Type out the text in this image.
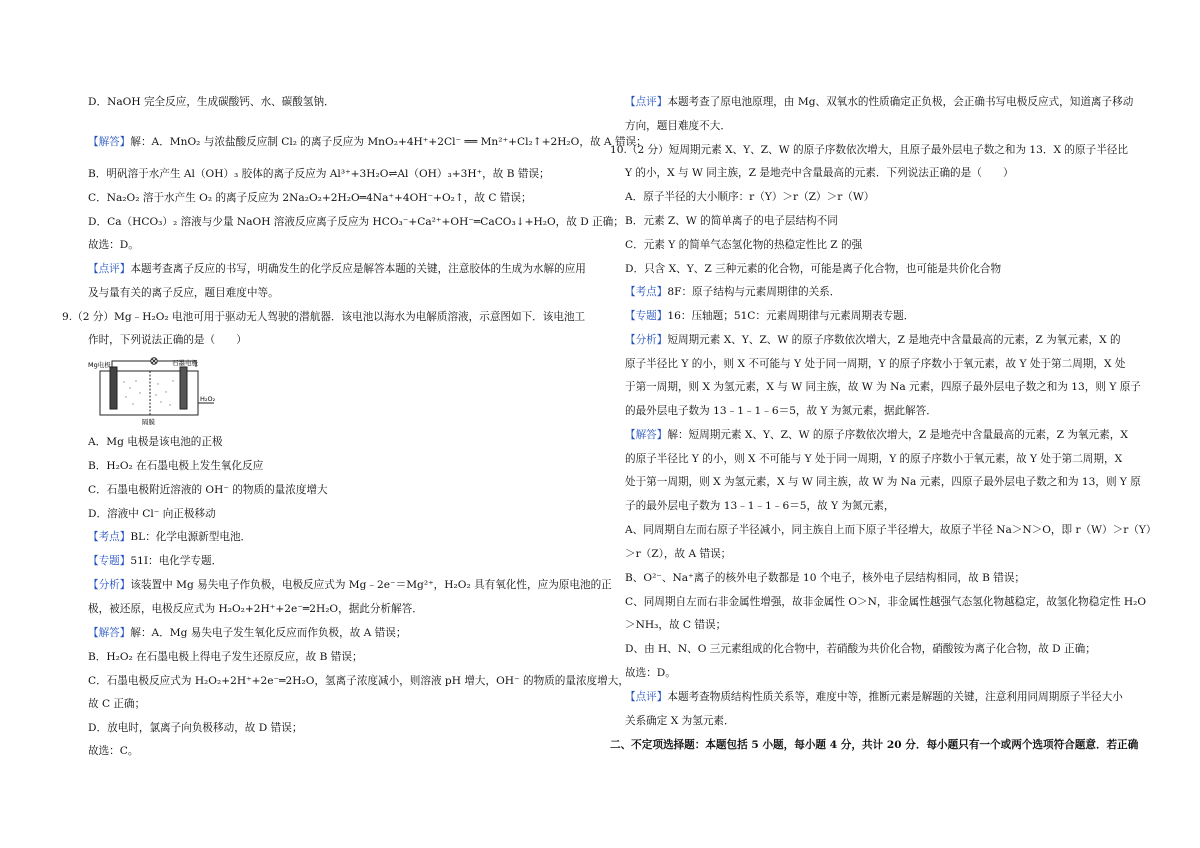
D．NaOH 完全反应，生成碳酸钙、水、碳酸氢钠．
【解答】解：A．MnO₂ 与浓盐酸反应制 Cl₂ 的离子反应为 MnO₂+4H⁺+2Cl⁻ ══ Mn²⁺+Cl₂↑+2H₂O，故 A 错误；
B．明矾溶于水产生 Al（OH）₃ 胶体的离子反应为 Al³⁺+3H₂O⇌Al（OH）₃+3H⁺，故 B 错误；
C．Na₂O₂ 溶于水产生 O₂ 的离子反应为 2Na₂O₂+2H₂O═4Na⁺+4OH⁻+O₂↑，故 C 错误；
D．Ca（HCO₃）₂ 溶液与少量 NaOH 溶液反应离子反应为 HCO₃⁻+Ca²⁺+OH⁻═CaCO₃↓+H₂O，故 D 正确；
故选：D。
【点评】本题考查离子反应的书写，明确发生的化学反应是解答本题的关键，注意胶体的生成为水解的应用
及与量有关的离子反应，题目难度中等。
9.（2 分）Mg﹣H₂O₂ 电池可用于驱动无人驾驶的潜航器．该电池以海水为电解质溶液，示意图如下．该电池工
作时，下列说法正确的是（　　）
Mg电极	石墨电极
H₂O₂
隔膜
A．Mg 电极是该电池的正极
B．H₂O₂ 在石墨电极上发生氧化反应
C．石墨电极附近溶液的 OH⁻ 的物质的量浓度增大
D．溶液中 Cl⁻ 向正极移动
【考点】BL：化学电源新型电池．
【专题】51I：电化学专题．
【分析】该装置中 Mg 易失电子作负极，电极反应式为 Mg﹣2e⁻＝Mg²⁺，H₂O₂ 具有氧化性，应为原电池的正
极，被还原，电极反应式为 H₂O₂+2H⁺+2e⁻═2H₂O，据此分析解答．
【解答】解：A．Mg 易失电子发生氧化反应而作负极，故 A 错误；
B．H₂O₂ 在石墨电极上得电子发生还原反应，故 B 错误；
C．石墨电极反应式为 H₂O₂+2H⁺+2e⁻═2H₂O，氢离子浓度减小，则溶液 pH 增大，OH⁻ 的物质的量浓度增大，
故 C 正确；
D．放电时，氯离子向负极移动，故 D 错误；
故选：C。
【点评】本题考查了原电池原理，由 Mg、双氧水的性质确定正负极，会正确书写电极反应式，知道离子移动
方向，题目难度不大．
10.（2 分）短周期元素 X、Y、Z、W 的原子序数依次增大，且原子最外层电子数之和为 13．X 的原子半径比
Y 的小，X 与 W 同主族，Z 是地壳中含量最高的元素．下列说法正确的是（　　）
A．原子半径的大小顺序：r（Y）＞r（Z）＞r（W）
B．元素 Z、W 的简单离子的电子层结构不同
C．元素 Y 的简单气态氢化物的热稳定性比 Z 的强
D．只含 X、Y、Z 三种元素的化合物，可能是离子化合物，也可能是共价化合物
【考点】8F：原子结构与元素周期律的关系．
【专题】16：压轴题；51C：元素周期律与元素周期表专题．
【分析】短周期元素 X、Y、Z、W 的原子序数依次增大，Z 是地壳中含量最高的元素，Z 为氧元素，X 的
原子半径比 Y 的小，则 X 不可能与 Y 处于同一周期，Y 的原子序数小于氧元素，故 Y 处于第二周期，X 处
于第一周期，则 X 为氢元素，X 与 W 同主族，故 W 为 Na 元素，四原子最外层电子数之和为 13，则 Y 原子
的最外层电子数为 13﹣1﹣1﹣6＝5，故 Y 为氮元素，据此解答．
【解答】解：短周期元素 X、Y、Z、W 的原子序数依次增大，Z 是地壳中含量最高的元素，Z 为氧元素，X
的原子半径比 Y 的小，则 X 不可能与 Y 处于同一周期，Y 的原子序数小于氧元素，故 Y 处于第二周期，X
处于第一周期，则 X 为氢元素，X 与 W 同主族，故 W 为 Na 元素，四原子最外层电子数之和为 13，则 Y 原
子的最外层电子数为 13﹣1﹣1﹣6＝5，故 Y 为氮元素，
A、同周期自左而右原子半径减小，同主族自上而下原子半径增大，故原子半径 Na＞N＞O，即 r（W）＞r（Y）
＞r（Z），故 A 错误；
B、O²⁻、Na⁺离子的核外电子数都是 10 个电子，核外电子层结构相同，故 B 错误；
C、同周期自左而右非金属性增强，故非金属性 O＞N，非金属性越强气态氢化物越稳定，故氢化物稳定性 H₂O
＞NH₃，故 C 错误；
D、由 H、N、O 三元素组成的化合物中，若硝酸为共价化合物，硝酸铵为离子化合物，故 D 正确；
故选：D。
【点评】本题考查物质结构性质关系等，难度中等，推断元素是解题的关键，注意利用同周期原子半径大小
关系确定 X 为氢元素．
二、不定项选择题：本题包括 5 小题，每小题 4 分，共计 20 分．每小题只有一个或两个选项符合题意．若正确
